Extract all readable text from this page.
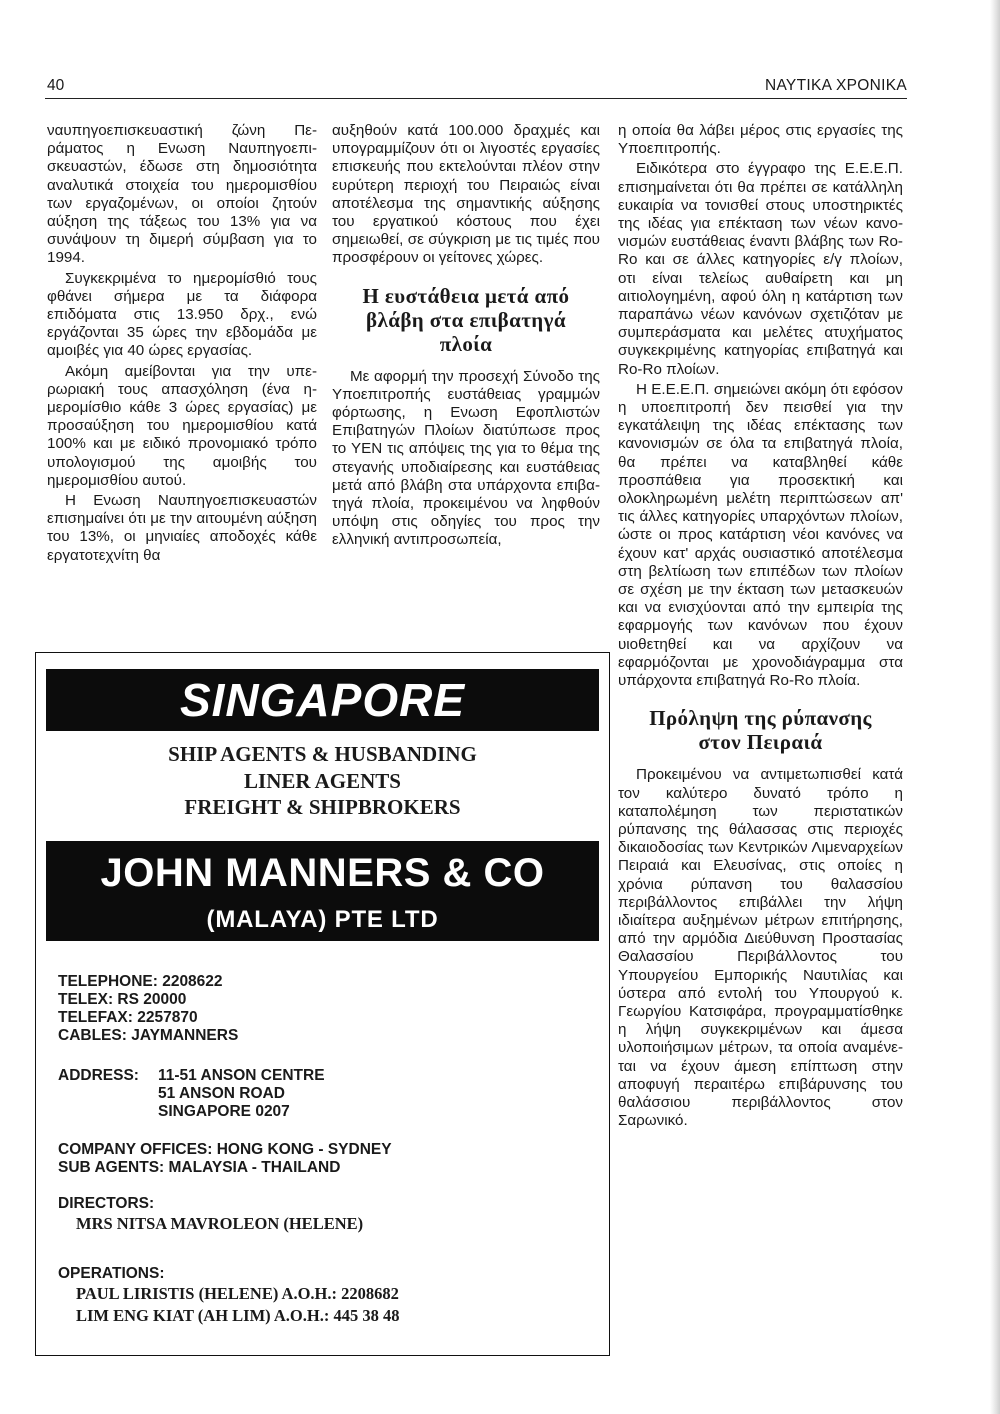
40	ΝΑΥΤΙΚΑ ΧΡΟΝΙΚΑ

ναυπηγοεπισκευαστική ζώνη Περάματος η Ενωση Ναυπηγοεπισκευαστών, έδωσε στη δημοσιότητα αναλυτικά στοιχεία του ημερομισθίου των εργαζομένων, οι οποίοι ζητούν αύξηση της τάξεως του 13% για να συνάψουν τη διμερή σύμβαση για το 1994.

Συγκεκριμένα το ημερομίσθιό τους φθάνει σήμερα με τα διάφορα επιδόματα στις 13.950 δρχ., ενώ εργάζονται 35 ώρες την εβδομάδα με αμοιβές για 40 ώρες εργασίας.

Ακόμη αμείβονται για την υπερωριακή τους απασχόληση (ένα ημερομίσθιο κάθε 3 ώρες εργασίας) με προσαύξηση του ημερομισθίου κατά 100% και με ειδικό προνομιακό τρόπο υπολογισμού της αμοιβής του ημερομισθίου αυτού.

Η Ενωση Ναυπηγοεπισκευαστών επισημαίνει ότι με την αιτουμένη αύξηση του 13%, οι μηνιαίες αποδοχές κάθε εργατοτεχνίτη θα

αυξηθούν κατά 100.000 δραχμές και υπογραμμίζουν ότι οι λιγοστές εργασίες επισκευής που εκτελούνται πλέον στην ευρύτερη περιοχή του Πειραιώς είναι αποτέλεσμα της σημαντικής αύξησης του εργατικού κόστους που έχει σημειωθεί, σε σύγκριση με τις τιμές που προσφέρουν οι γείτονες χώρες.

Η ευστάθεια μετά από βλάβη στα επιβατηγά πλοία

Με αφορμή την προσεχή Σύνοδο της Υποεπιτροπής ευστάθειας γραμμών φόρτωσης, η Ενωση Εφοπλιστών Επιβατηγών Πλοίων διατύπωσε προς το ΥΕΝ τις απόψεις της για το θέμα της στεγανής υποδιαίρεσης και ευστάθειας μετά από βλάβη στα υπάρχοντα επιβατηγά πλοία, προκειμένου να ληφθούν υπόψη στις οδηγίες του προς την ελληνική αντιπροσωπεία,

η οποία θα λάβει μέρος στις εργασίες της Υποεπιτροπής.

Ειδικότερα στο έγγραφο της Ε.Ε.Ε.Π. επισημαίνεται ότι θα πρέπει σε κατάλληλη ευκαιρία να τονισθεί στους υποστηρικτές της ιδέας για επέκταση των νέων κανονισμών ευστάθειας έναντι βλάβης των Ro-Ro και σε άλλες κατηγορίες ε/γ πλοίων, οτι είναι τελείως αυθαίρετη και μη αιτιολογημένη, αφού όλη η κατάρτιση των παραπάνω νέων κανόνων σχετιζόταν με συμπεράσματα και μελέτες ατυχήματος συγκεκριμένης κατηγορίας επιβατηγά και Ro-Ro πλοίων.

Η Ε.Ε.Ε.Π. σημειώνει ακόμη ότι εφόσον η υποεπιτροπή δεν πεισθεί για την εγκατάλειψη της ιδέας επέκτασης των κανονισμών σε όλα τα επιβατηγά πλοία, θα πρέπει να καταβληθεί κάθε προσπάθεια για προσεκτική και ολοκληρωμένη μελέτη περιπτώσεων απ' τις άλλες κατηγορίες υπαρχόντων πλοίων, ώστε οι προς κατάρτιση νέοι κανόνες να έχουν κατ' αρχάς ουσιαστικό αποτέλεσμα στη βελτίωση των επιπέδων των πλοίων σε σχέση με την έκταση των μετασκευών και να ενισχύονται από την εμπειρία της εφαρμογής των κανόνων που έχουν υιοθετηθεί και να αρχίζουν να εφαρμόζονται με χρονοδιάγραμμα στα υπάρχοντα επιβατηγά Ro-Ro πλοία.

Πρόληψη της ρύπανσης στον Πειραιά

Προκειμένου να αντιμετωπισθεί κατά τον καλύτερο δυνατό τρόπο η καταπολέμηση των περιστατικών ρύπανσης της θάλασσας στις περιοχές δικαιοδοσίας των Κεντρικών Λιμεναρχείων Πειραιά και Ελευσίνας, στις οποίες η χρόνια ρύπανση του θαλασσίου περιβάλλοντος επιβάλλει την λήψη ιδιαίτερα αυξημένων μέτρων επιτήρησης, από την αρμόδια Διεύθυνση Προστασίας Θαλασσίου Περιβάλλοντος του Υπουργείου Εμπορικής Ναυτιλίας και ύστερα από εντολή του Υπουργού κ. Γεωργίου Κατσιφάρα, προγραμματίσθηκε η λήψη συγκεκριμένων και άμεσα υλοποιήσιμων μέτρων, τα οποία αναμένεται να έχουν άμεση επίπτωση στην αποφυγή περαιτέρω επιβάρυνσης του θαλάσσιου περιβάλλοντος στον Σαρωνικό.

SINGAPORE
SHIP AGENTS & HUSBANDING
LINER AGENTS
FREIGHT & SHIPBROKERS
JOHN MANNERS & CO
(MALAYA) PTE LTD
TELEPHONE: 2208622
TELEX: RS 20000
TELEFAX: 2257870
CABLES: JAYMANNERS
ADDRESS:	11-51 ANSON CENTRE
51 ANSON ROAD
SINGAPORE 0207
COMPANY OFFICES: HONG KONG - SYDNEY
SUB AGENTS: MALAYSIA - THAILAND
DIRECTORS:
MRS NITSA MAVROLEON (HELENE)
OPERATIONS:
PAUL LIRISTIS (HELENE) A.O.H.: 2208682
LIM ENG KIAT (AH LIM) A.O.H.: 445 38 48
